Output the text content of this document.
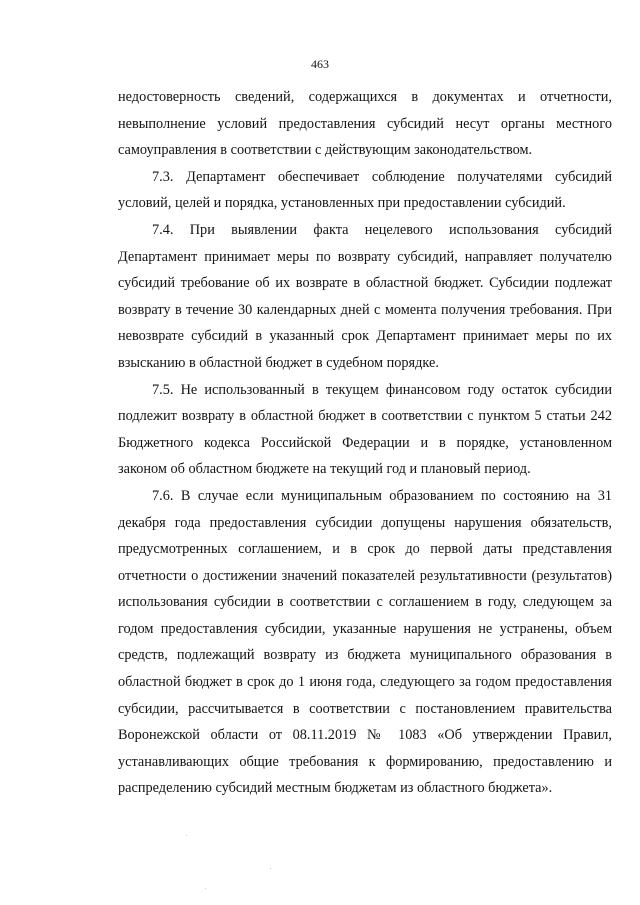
463
недостоверность сведений, содержащихся в документах и отчетности,
невыполнение условий предоставления субсидий несут органы местного
самоуправления в соответствии с действующим законодательством.
7.3. Департамент обеспечивает соблюдение получателями субсидий
условий, целей и порядка, установленных при предоставлении субсидий.
7.4. При выявлении факта нецелевого использования субсидий
Департамент принимает меры по возврату субсидий, направляет получателю
субсидий требование об их возврате в областной бюджет. Субсидии подлежат
возврату в течение 30 календарных дней с момента получения требования. При
невозврате субсидий в указанный срок Департамент принимает меры по их
взысканию в областной бюджет в судебном порядке.
7.5. Не использованный в текущем финансовом году остаток субсидии
подлежит возврату в областной бюджет в соответствии с пунктом 5 статьи 242
Бюджетного кодекса Российской Федерации и в порядке, установленном
законом об областном бюджете на текущий год и плановый период.
7.6. В случае если муниципальным образованием по состоянию на 31
декабря года предоставления субсидии допущены нарушения обязательств,
предусмотренных соглашением, и в срок до первой даты представления
отчетности о достижении значений показателей результативности (результатов)
использования субсидии в соответствии с соглашением в году, следующем за
годом предоставления субсидии, указанные нарушения не устранены, объем
средств, подлежащий возврату из бюджета муниципального образования в
областной бюджет в срок до 1 июня года, следующего за годом предоставления
субсидии, рассчитывается в соответствии с постановлением правительства
Воронежской области от 08.11.2019 № 1083 «Об утверждении Правил,
устанавливающих общие требования к формированию, предоставлению и
распределению субсидий местным бюджетам из областного бюджета».
